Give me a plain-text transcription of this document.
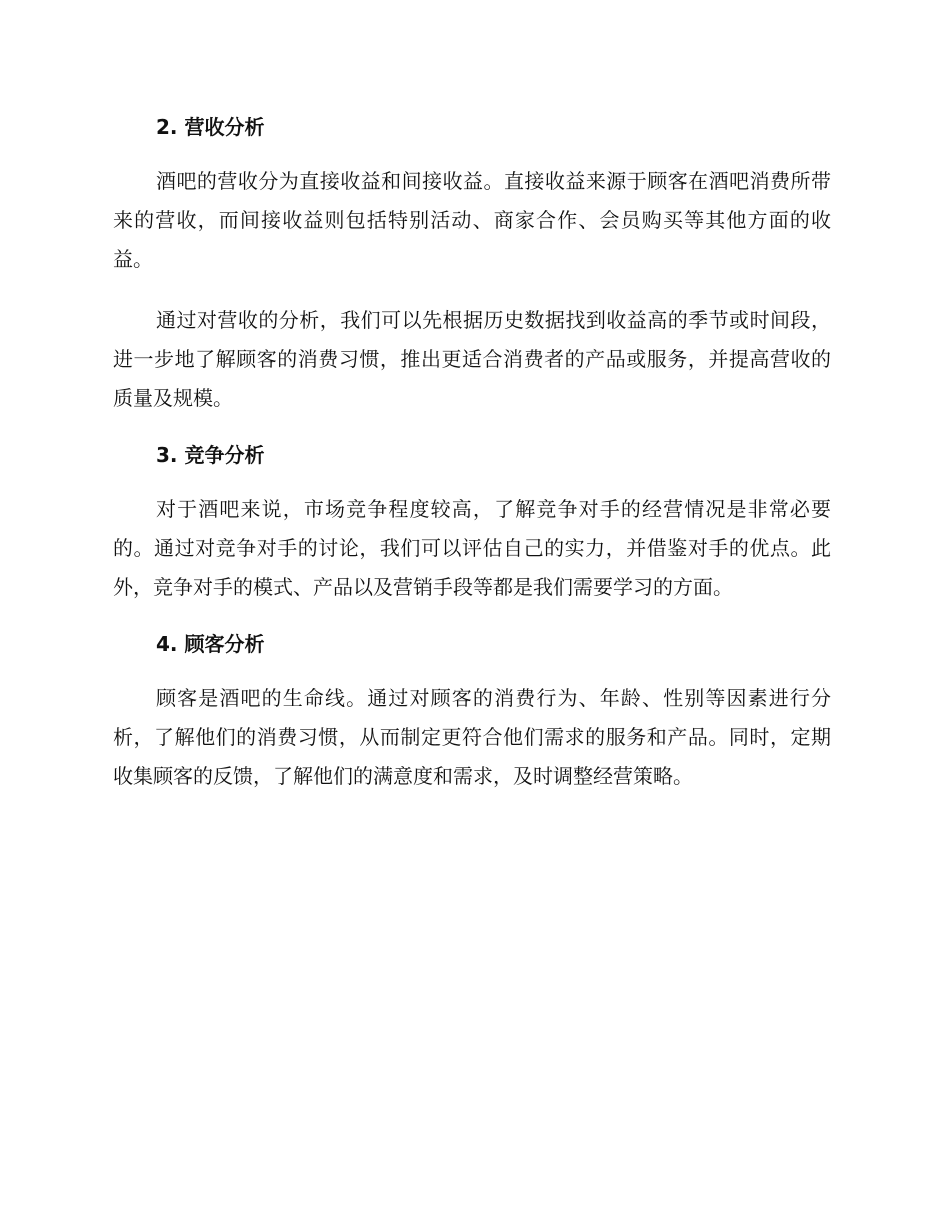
2. 营收分析

酒吧的营收分为直接收益和间接收益。直接收益来源于顾客在酒吧消费所带来的营收，而间接收益则包括特别活动、商家合作、会员购买等其他方面的收益。

通过对营收的分析，我们可以先根据历史数据找到收益高的季节或时间段，进一步地了解顾客的消费习惯，推出更适合消费者的产品或服务，并提高营收的质量及规模。

3. 竞争分析

对于酒吧来说，市场竞争程度较高，了解竞争对手的经营情况是非常必要的。通过对竞争对手的讨论，我们可以评估自己的实力，并借鉴对手的优点。此外，竞争对手的模式、产品以及营销手段等都是我们需要学习的方面。

4. 顾客分析

顾客是酒吧的生命线。通过对顾客的消费行为、年龄、性别等因素进行分析，了解他们的消费习惯，从而制定更符合他们需求的服务和产品。同时，定期收集顾客的反馈，了解他们的满意度和需求，及时调整经营策略。
